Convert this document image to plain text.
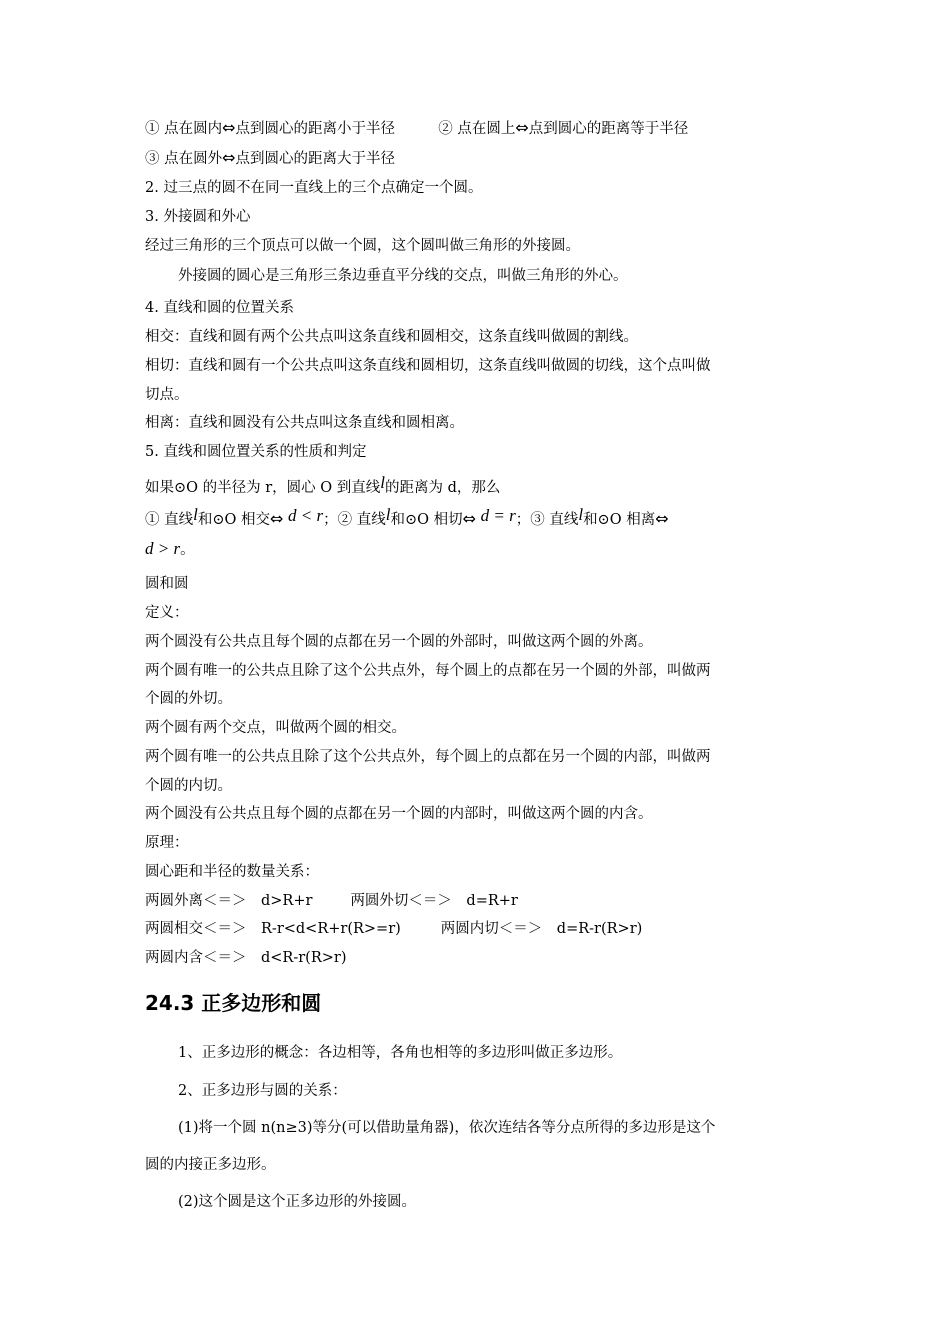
① 点在圆内⇔点到圆心的距离小于半径	② 点在圆上⇔点到圆心的距离等于半径
③ 点在圆外⇔点到圆心的距离大于半径
2. 过三点的圆不在同一直线上的三个点确定一个圆。
3. 外接圆和外心
经过三角形的三个顶点可以做一个圆，这个圆叫做三角形的外接圆。
外接圆的圆心是三角形三条边垂直平分线的交点，叫做三角形的外心。
4. 直线和圆的位置关系
相交：直线和圆有两个公共点叫这条直线和圆相交，这条直线叫做圆的割线。
相切：直线和圆有一个公共点叫这条直线和圆相切，这条直线叫做圆的切线，这个点叫做
切点。
相离：直线和圆没有公共点叫这条直线和圆相离。
5. 直线和圆位置关系的性质和判定
如果⊙O 的半径为 r，圆心 O 到直线l的距离为 d，那么
① 直线l和⊙O 相交⇔ d < r；② 直线l和⊙O 相切⇔ d = r；③ 直线l和⊙O 相离⇔
d > r。
圆和圆
定义：
两个圆没有公共点且每个圆的点都在另一个圆的外部时，叫做这两个圆的外离。
两个圆有唯一的公共点且除了这个公共点外，每个圆上的点都在另一个圆的外部，叫做两
个圆的外切。
两个圆有两个交点，叫做两个圆的相交。
两个圆有唯一的公共点且除了这个公共点外，每个圆上的点都在另一个圆的内部，叫做两
个圆的内切。
两个圆没有公共点且每个圆的点都在另一个圆的内部时，叫做这两个圆的内含。
原理：
圆心距和半径的数量关系：
两圆外离＜＝＞　d>R+r	两圆外切＜＝＞　d=R+r
两圆相交＜＝＞　R-r<d<R+r(R>=r)	两圆内切＜＝＞　d=R-r(R>r)
两圆内含＜＝＞　d<R-r(R>r)
24.3 正多边形和圆
1、正多边形的概念：各边相等，各角也相等的多边形叫做正多边形。
2、正多边形与圆的关系：
(1)将一个圆 n(n≥3)等分(可以借助量角器)，依次连结各等分点所得的多边形是这个
圆的内接正多边形。
(2)这个圆是这个正多边形的外接圆。
